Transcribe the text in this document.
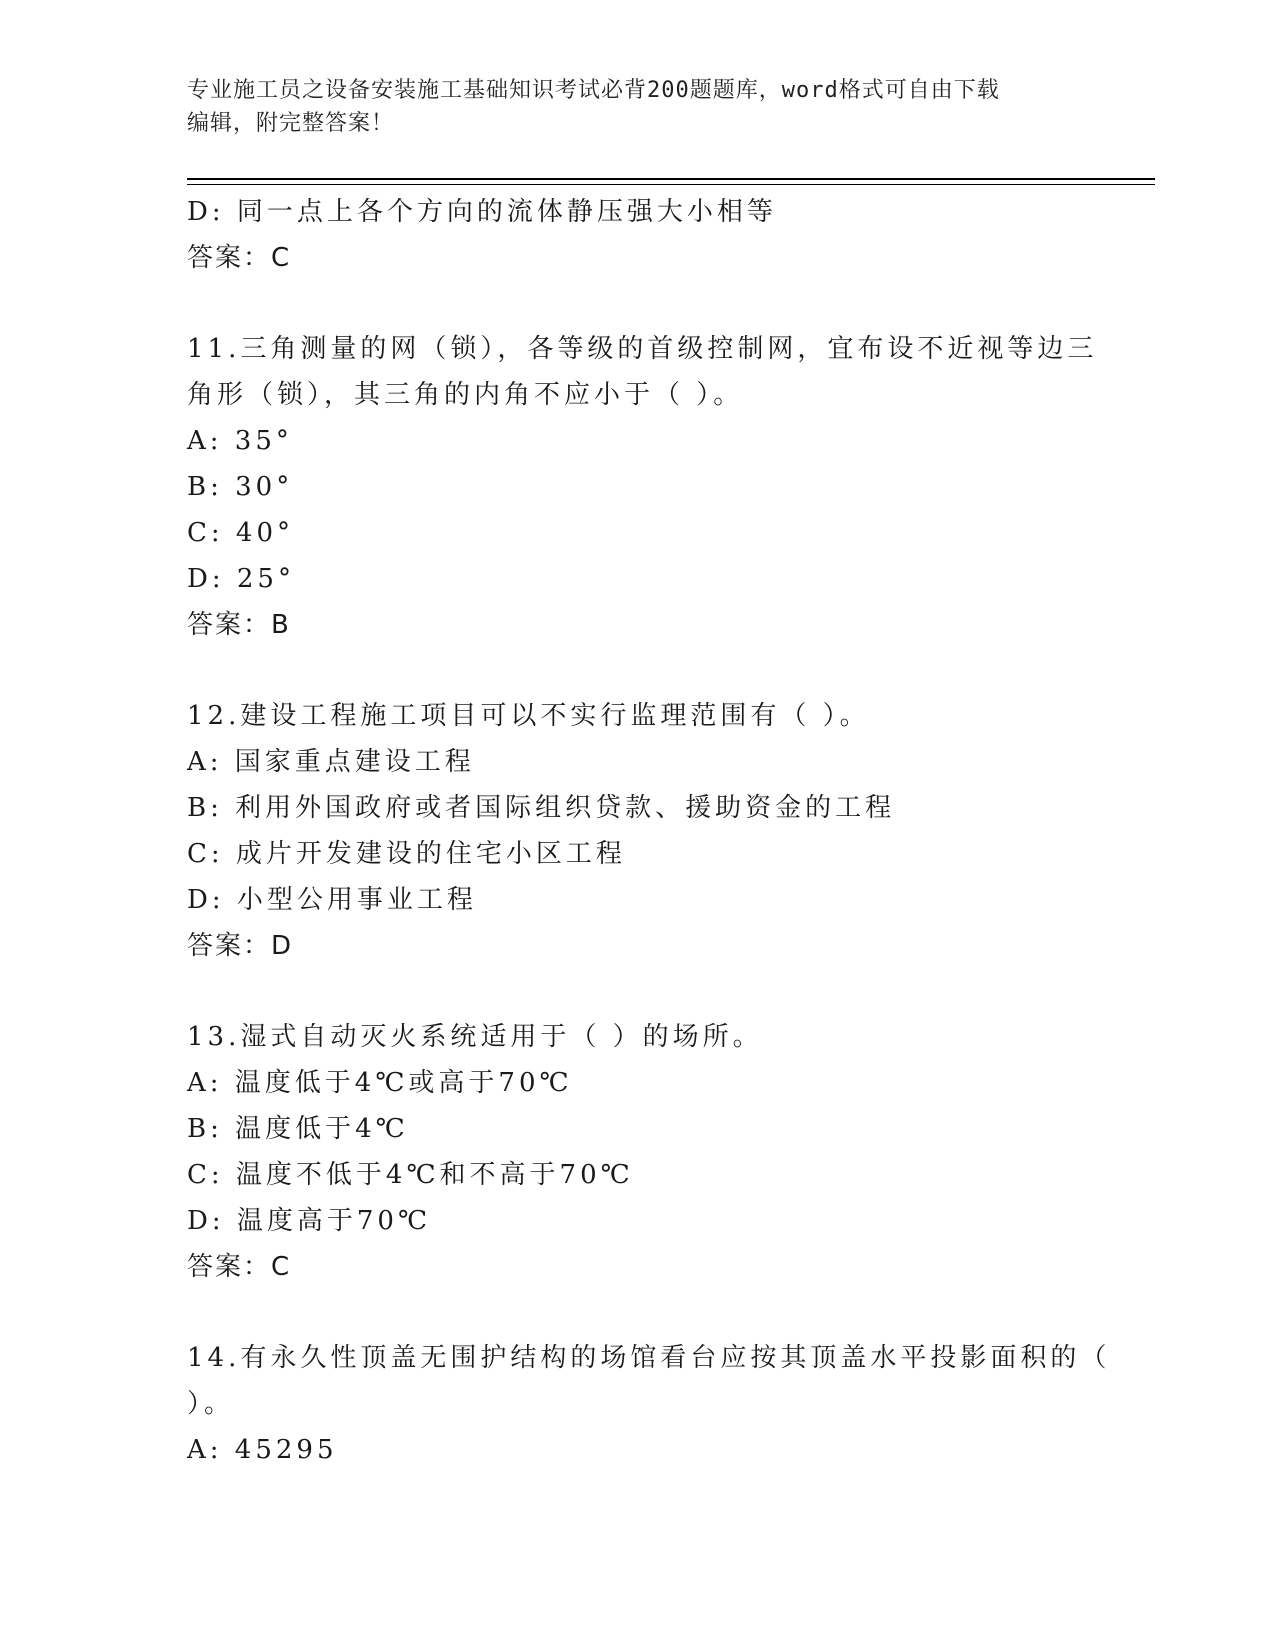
专业施工员之设备安装施工基础知识考试必背200题题库，word格式可自由下载
编辑，附完整答案！
D: 同一点上各个方向的流体静压强大小相等
答案：C
11.三角测量的网（锁），各等级的首级控制网，宜布设不近视等边三
角形（锁），其三角的内角不应小于（ ）。
A: 35°
B: 30°
C: 40°
D: 25°
答案：B
12.建设工程施工项目可以不实行监理范围有（ ）。
A: 国家重点建设工程
B: 利用外国政府或者国际组织贷款、援助资金的工程
C: 成片开发建设的住宅小区工程
D: 小型公用事业工程
答案：D
13.湿式自动灭火系统适用于（ ）的场所。
A: 温度低于4℃或高于70℃
B: 温度低于4℃
C: 温度不低于4℃和不高于70℃
D: 温度高于70℃
答案：C
14.有永久性顶盖无围护结构的场馆看台应按其顶盖水平投影面积的（
）。
A: 45295
